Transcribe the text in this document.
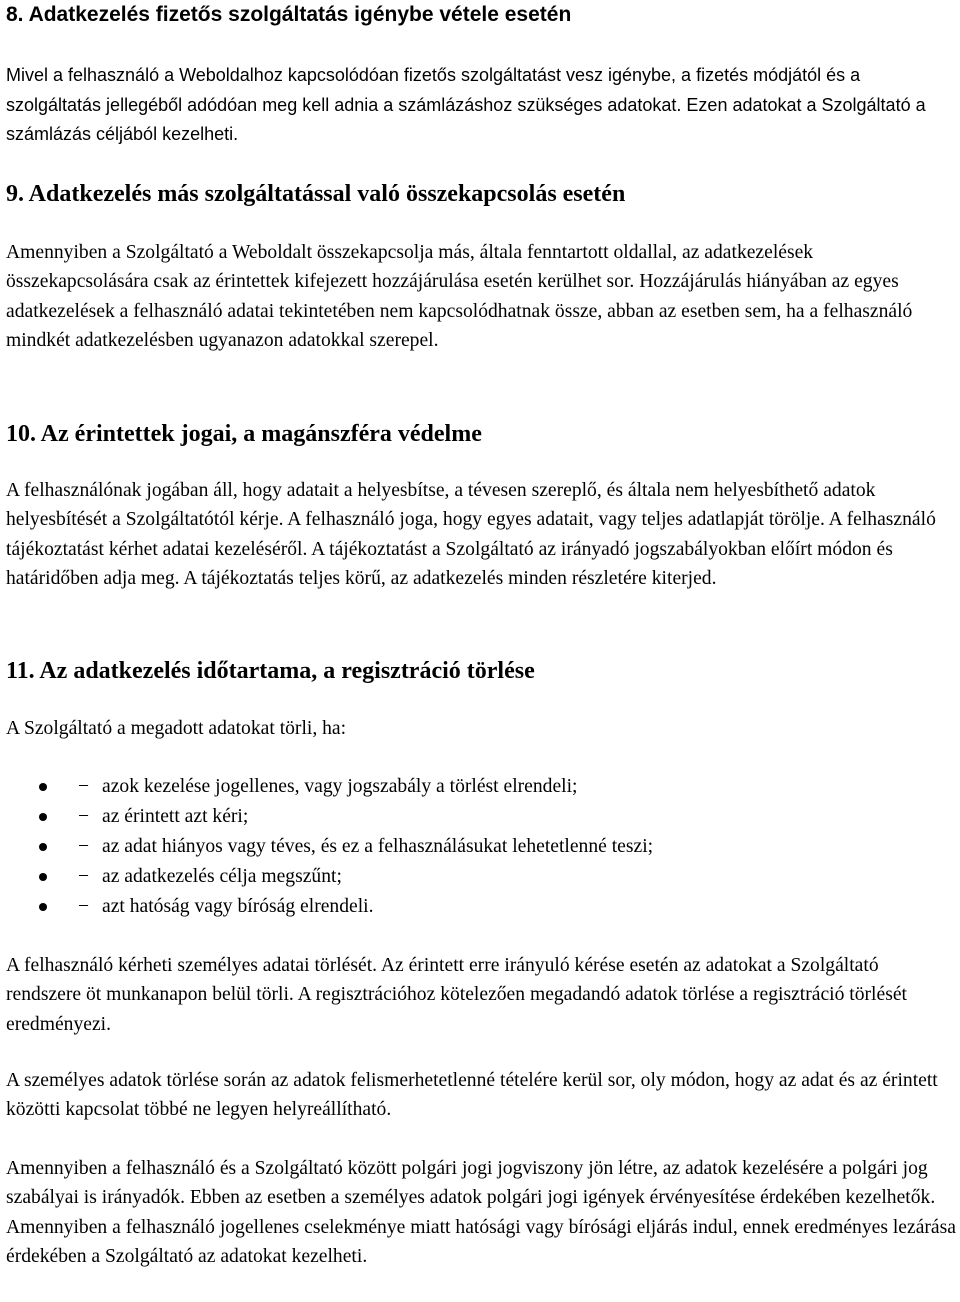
8. Adatkezelés fizetős szolgáltatás igénybe vétele esetén

Mivel a felhasználó a Weboldalhoz kapcsolódóan fizetős szolgáltatást vesz igénybe, a fizetés módjától és a szolgáltatás jellegéből adódóan meg kell adnia a számlázáshoz szükséges adatokat. Ezen adatokat a Szolgáltató a számlázás céljából kezelheti.

9. Adatkezelés más szolgáltatással való összekapcsolás esetén

Amennyiben a Szolgáltató a Weboldalt összekapcsolja más, általa fenntartott oldallal, az adatkezelések összekapcsolására csak az érintettek kifejezett hozzájárulása esetén kerülhet sor. Hozzájárulás hiányában az egyes adatkezelések a felhasználó adatai tekintetében nem kapcsolódhatnak össze, abban az esetben sem, ha a felhasználó mindkét adatkezelésben ugyanazon adatokkal szerepel.

10. Az érintettek jogai, a magánszféra védelme

A felhasználónak jogában áll, hogy adatait a helyesbítse, a tévesen szereplő, és általa nem helyesbíthető adatok helyesbítését a Szolgáltatótól kérje. A felhasználó joga, hogy egyes adatait, vagy teljes adatlapját törölje. A felhasználó tájékoztatást kérhet adatai kezeléséről. A tájékoztatást a Szolgáltató az irányadó jogszabályokban előírt módon és határidőben adja meg. A tájékoztatás teljes körű, az adatkezelés minden részletére kiterjed.

11. Az adatkezelés időtartama, a regisztráció törlése

A Szolgáltató a megadott adatokat törli, ha:

− azok kezelése jogellenes, vagy jogszabály a törlést elrendeli;
− az érintett azt kéri;
− az adat hiányos vagy téves, és ez a felhasználásukat lehetetlenné teszi;
− az adatkezelés célja megszűnt;
− azt hatóság vagy bíróság elrendeli.

A felhasználó kérheti személyes adatai törlését. Az érintett erre irányuló kérése esetén az adatokat a Szolgáltató rendszere öt munkanapon belül törli. A regisztrációhoz kötelezően megadandó adatok törlése a regisztráció törlését eredményezi.

A személyes adatok törlése során az adatok felismerhetetlenné tételére kerül sor, oly módon, hogy az adat és az érintett közötti kapcsolat többé ne legyen helyreállítható.

Amennyiben a felhasználó és a Szolgáltató között polgári jogi jogviszony jön létre, az adatok kezelésére a polgári jog szabályai is irányadók. Ebben az esetben a személyes adatok polgári jogi igények érvényesítése érdekében kezelhetők. Amennyiben a felhasználó jogellenes cselekménye miatt hatósági vagy bírósági eljárás indul, ennek eredményes lezárása érdekében a Szolgáltató az adatokat kezelheti.
